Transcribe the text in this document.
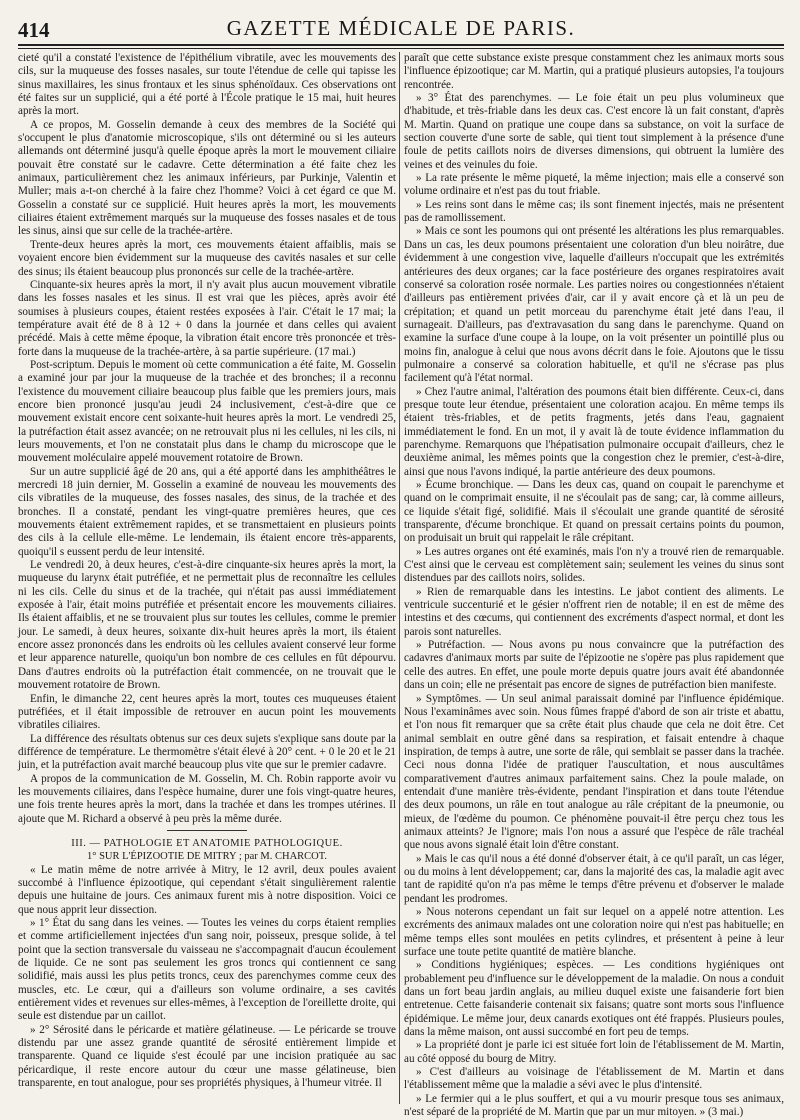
414	GAZETTE MÉDICALE DE PARIS.

cieté qu'il a constaté l'existence de l'épithélium vibratile, avec les mouvements des cils, sur la muqueuse des fosses nasales, sur toute l'étendue de celle qui tapisse les sinus maxillaires, les sinus frontaux et les sinus sphénoïdaux. Ces observations ont été faites sur un supplicié, qui a été porté à l'École pratique le 15 mai, huit heures après la mort.

A ce propos, M. Gosselin demande à ceux des membres de la Société qui s'occupent le plus d'anatomie microscopique, s'ils ont déterminé ou si les auteurs allemands ont déterminé jusqu'à quelle époque après la mort le mouvement ciliaire pouvait être constaté sur le cadavre. Cette détermination a été faite chez les animaux, particulièrement chez les animaux inférieurs, par Purkinje, Valentin et Muller; mais a-t-on cherché à la faire chez l'homme? Voici à cet égard ce que M. Gosselin a constaté sur ce supplicié. Huit heures après la mort, les mouvements ciliaires étaient extrêmement marqués sur la muqueuse des fosses nasales et de tous les sinus, ainsi que sur celle de la trachée-artère.

Trente-deux heures après la mort, ces mouvements étaient affaiblis, mais se voyaient encore bien évidemment sur la muqueuse des cavités nasales et sur celle des sinus; ils étaient beaucoup plus prononcés sur celle de la trachée-artère.

Cinquante-six heures après la mort, il n'y avait plus aucun mouvement vibratile dans les fosses nasales et les sinus. Il est vrai que les pièces, après avoir été soumises à plusieurs coupes, étaient restées exposées à l'air. C'était le 17 mai; la température avait été de 8 à 12 + 0 dans la journée et dans celles qui avaient précédé. Mais à cette même époque, la vibration était encore très prononcée et très-forte dans la muqueuse de la trachée-artère, à sa partie supérieure. (17 mai.)

Post-scriptum. Depuis le moment où cette communication a été faite, M. Gosselin a examiné jour par jour la muqueuse de la trachée et des bronches; il a reconnu l'existence du mouvement ciliaire beaucoup plus faible que les premiers jours, mais encore bien prononcé jusqu'au jeudi 24 inclusivement, c'est-à-dire que ce mouvement existait encore cent soixante-huit heures après la mort. Le vendredi 25, la putréfaction était assez avancée; on ne retrouvait plus ni les cellules, ni les cils, ni leurs mouvements, et l'on ne constatait plus dans le champ du microscope que le mouvement moléculaire appelé mouvement rotatoire de Brown.

Sur un autre supplicié âgé de 20 ans, qui a été apporté dans les amphithéâtres le mercredi 18 juin dernier, M. Gosselin a examiné de nouveau les mouvements des cils vibratiles de la muqueuse, des fosses nasales, des sinus, de la trachée et des bronches. Il a constaté, pendant les vingt-quatre premières heures, que ces mouvements étaient extrêmement rapides, et se transmettaient en plusieurs points des cils à la cellule elle-même. Le lendemain, ils étaient encore très-apparents, quoiqu'il s eussent perdu de leur intensité.

Le vendredi 20, à deux heures, c'est-à-dire cinquante-six heures après la mort, la muqueuse du larynx était putréfiée, et ne permettait plus de reconnaître les cellules ni les cils. Celle du sinus et de la trachée, qui n'était pas aussi immédiatement exposée à l'air, était moins putréfiée et présentait encore les mouvements ciliaires. Ils étaient affaiblis, et ne se trouvaient plus sur toutes les cellules, comme le premier jour. Le samedi, à deux heures, soixante dix-huit heures après la mort, ils étaient encore assez prononcés dans les endroits où les cellules avaient conservé leur forme et leur apparence naturelle, quoiqu'un bon nombre de ces cellules en fût dépourvu. Dans d'autres endroits où la putréfaction était commencée, on ne trouvait que le mouvement rotatoire de Brown.

Enfin, le dimanche 22, cent heures après la mort, toutes ces muqueuses étaient putréfiées, et il était impossible de retrouver en aucun point les mouvements vibratiles ciliaires.

La différence des résultats obtenus sur ces deux sujets s'explique sans doute par la différence de température. Le thermomètre s'était élevé à 20° cent. + 0 le 20 et le 21 juin, et la putréfaction avait marché beaucoup plus vite que sur le premier cadavre.

A propos de la communication de M. Gosselin, M. Ch. Robin rapporte avoir vu les mouvements ciliaires, dans l'espèce humaine, durer une fois vingt-quatre heures, une fois trente heures après la mort, dans la trachée et dans les trompes utérines. Il ajoute que M. Richard a observé à peu près la même durée.

III. — PATHOLOGIE ET ANATOMIE PATHOLOGIQUE.

1° SUR L'ÉPIZOOTIE DE MITRY ; par M. CHARCOT.

« Le matin même de notre arrivée à Mitry, le 12 avril, deux poules avaient succombé à l'influence épizootique, qui cependant s'était singulièrement ralentie depuis une huitaine de jours. Ces animaux furent mis à notre disposition. Voici ce que nous apprit leur dissection.

» 1° État du sang dans les veines. — Toutes les veines du corps étaient remplies et comme artificiellement injectées d'un sang noir, poisseux, presque solide, à tel point que la section transversale du vaisseau ne s'accompagnait d'aucun écoulement de liquide. Ce ne sont pas seulement les gros troncs qui contiennent ce sang solidifié, mais aussi les plus petits troncs, ceux des parenchymes comme ceux des muscles, etc. Le cœur, qui a d'ailleurs son volume ordinaire, a ses cavités entièrement vides et revenues sur elles-mêmes, à l'exception de l'oreillette droite, qui seule est distendue par un caillot.

» 2° Sérosité dans le péricarde et matière gélatineuse. — Le péricarde se trouve distendu par une assez grande quantité de sérosité entièrement limpide et transparente. Quand ce liquide s'est écoulé par une incision pratiquée au sac péricardique, il reste encore autour du cœur une masse gélatineuse, bien transparente, en tout analogue, pour ses propriétés physiques, à l'humeur vitrée. Il

paraît que cette substance existe presque constamment chez les animaux morts sous l'influence épizootique; car M. Martin, qui a pratiqué plusieurs autopsies, l'a toujours rencontrée.

» 3° État des parenchymes. — Le foie était un peu plus volumineux que d'habitude, et très-friable dans les deux cas. C'est encore là un fait constant, d'après M. Martin. Quand on pratique une coupe dans sa substance, on voit la surface de section couverte d'une sorte de sable, qui tient tout simplement à la présence d'une foule de petits caillots noirs de diverses dimensions, qui obtruent la lumière des veines et des veinules du foie.

» La rate présente le même piqueté, la même injection; mais elle a conservé son volume ordinaire et n'est pas du tout friable.

» Les reins sont dans le même cas; ils sont finement injectés, mais ne présentent pas de ramollissement.

» Mais ce sont les poumons qui ont présenté les altérations les plus remarquables. Dans un cas, les deux poumons présentaient une coloration d'un bleu noirâtre, due évidemment à une congestion vive, laquelle d'ailleurs n'occupait que les extrémités antérieures des deux organes; car la face postérieure des organes respiratoires avait conservé sa coloration rosée normale. Les parties noires ou congestionnées n'étaient d'ailleurs pas entièrement privées d'air, car il y avait encore çà et là un peu de crépitation; et quand un petit morceau du parenchyme était jeté dans l'eau, il surnageait. D'ailleurs, pas d'extravasation du sang dans le parenchyme. Quand on examine la surface d'une coupe à la loupe, on la voit présenter un pointillé plus ou moins fin, analogue à celui que nous avons décrit dans le foie. Ajoutons que le tissu pulmonaire a conservé sa coloration habituelle, et qu'il ne s'écrase pas plus facilement qu'à l'état normal.

» Chez l'autre animal, l'altération des poumons était bien différente. Ceux-ci, dans presque toute leur étendue, présentaient une coloration acajou. En même temps ils étaient très-friables, et de petits fragments, jetés dans l'eau, gagnaient immédiatement le fond. En un mot, il y avait là de toute évidence inflammation du parenchyme. Remarquons que l'hépatisation pulmonaire occupait d'ailleurs, chez le deuxième animal, les mêmes points que la congestion chez le premier, c'est-à-dire, ainsi que nous l'avons indiqué, la partie antérieure des deux poumons.

» Écume bronchique. — Dans les deux cas, quand on coupait le parenchyme et quand on le comprimait ensuite, il ne s'écoulait pas de sang; car, là comme ailleurs, ce liquide s'était figé, solidifié. Mais il s'écoulait une grande quantité de sérosité transparente, d'écume bronchique. Et quand on pressait certains points du poumon, on produisait un bruit qui rappelait le râle crépitant.

» Les autres organes ont été examinés, mais l'on n'y a trouvé rien de remarquable. C'est ainsi que le cerveau est complètement sain; seulement les veines du sinus sont distendues par des caillots noirs, solides.

» Rien de remarquable dans les intestins. Le jabot contient des aliments. Le ventricule succenturié et le gésier n'offrent rien de notable; il en est de même des intestins et des cœcums, qui contiennent des excréments d'aspect normal, et dont les parois sont naturelles.

» Putréfaction. — Nous avons pu nous convaincre que la putréfaction des cadavres d'animaux morts par suite de l'épizootie ne s'opère pas plus rapidement que celle des autres. En effet, une poule morte depuis quatre jours avait été abandonnée dans un coin; elle ne présentait pas encore de signes de putréfaction bien manifeste.

» Symptômes. — Un seul animal paraissait dominé par l'influence épidémique. Nous l'examinâmes avec soin. Nous fûmes frappé d'abord de son air triste et abattu, et l'on nous fit remarquer que sa crête était plus chaude que cela ne doit être. Cet animal semblait en outre gêné dans sa respiration, et faisait entendre à chaque inspiration, de temps à autre, une sorte de râle, qui semblait se passer dans la trachée. Ceci nous donna l'idée de pratiquer l'auscultation, et nous auscultâmes comparativement d'autres animaux parfaitement sains. Chez la poule malade, on entendait d'une manière très-évidente, pendant l'inspiration et dans toute l'étendue des deux poumons, un râle en tout analogue au râle crépitant de la pneumonie, ou mieux, de l'œdème du poumon. Ce phénomène pouvait-il être perçu chez tous les animaux atteints? Je l'ignore; mais l'on nous a assuré que l'espèce de râle trachéal que nous avons signalé était loin d'être constant.

» Mais le cas qu'il nous a été donné d'observer était, à ce qu'il paraît, un cas léger, ou du moins à lent développement; car, dans la majorité des cas, la maladie agit avec tant de rapidité qu'on n'a pas même le temps d'être prévenu et d'observer le malade pendant les prodromes.

» Nous noterons cependant un fait sur lequel on a appelé notre attention. Les excréments des animaux malades ont une coloration noire qui n'est pas habituelle; en même temps elles sont moulées en petits cylindres, et présentent à peine à leur surface une toute petite quantité de matière blanche.

» Conditions hygiéniques; espèces. — Les conditions hygiéniques ont probablement peu d'influence sur le développement de la maladie. On nous a conduit dans un fort beau jardin anglais, au milieu duquel existe une faisanderie fort bien entretenue. Cette faisanderie contenait six faisans; quatre sont morts sous l'influence épidémique. Le même jour, deux canards exotiques ont été frappés. Plusieurs poules, dans la même maison, ont aussi succombé en fort peu de temps.

» La propriété dont je parle ici est située fort loin de l'établissement de M. Martin, au côté opposé du bourg de Mitry.

» C'est d'ailleurs au voisinage de l'établissement de M. Martin et dans l'établissement même que la maladie a sévi avec le plus d'intensité.

» Le fermier qui a le plus souffert, et qui a vu mourir presque tous ses animaux, n'est séparé de la propriété de M. Martin que par un mur mitoyen. » (3 mai.)
